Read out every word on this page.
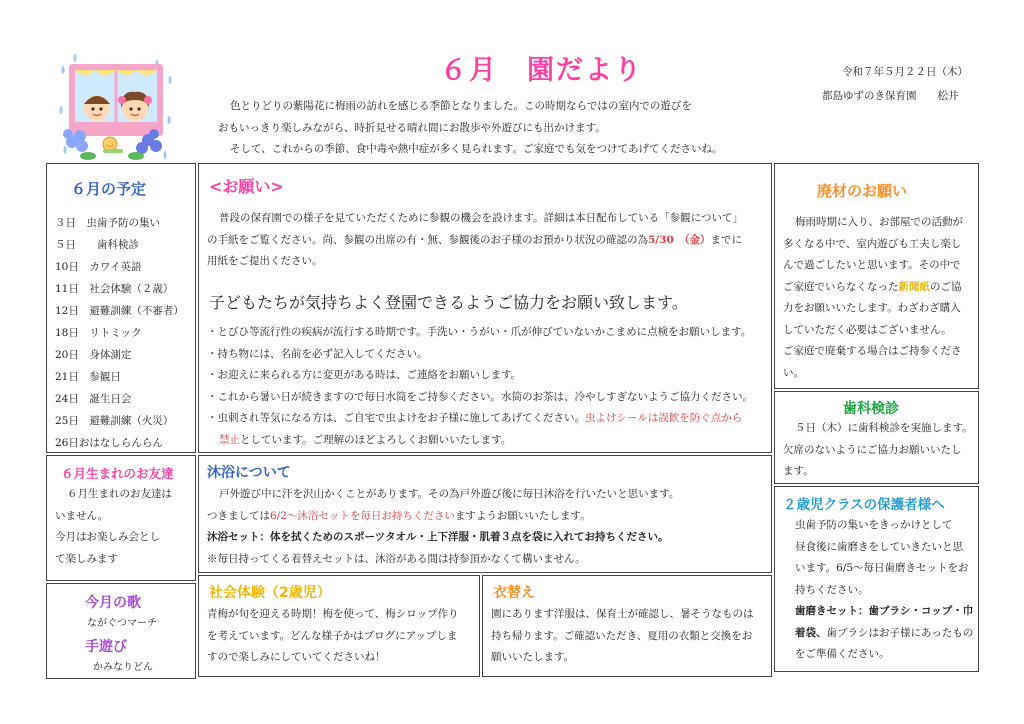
６月　園だより	令和７年５月２２日（木）
都島ゆずのき保育園　　松井
色とりどりの紫陽花に梅雨の訪れを感じる季節となりました。この時期ならではの室内での遊びを
おもいっきり楽しみながら、時折見せる晴れ間にお散歩や外遊びにも出かけます。
そして、これからの季節、食中毒や熱中症が多く見られます。ご家庭でも気をつけてあげてくださいね。
６月の予定
３日　虫歯予防の集い
５日　　歯科検診
10日　カワイ英語
11日　社会体験（２歳）
12日　避難訓練（不審者）
18日　リトミック
20日　身体測定
21日　参観日
24日　誕生日会
25日　避難訓練（火災）
26日おはなしらんらん
<お願い>
普段の保育園での様子を見ていただくために参観の機会を設けます。詳細は本日配布している「参観について」
の手紙をご覧ください。尚、参観の出席の有・無、参観後のお子様のお預かり状況の確認の為5/30　（金）までに
用紙をご提出ください。
子どもたちが気持ちよく登園できるようご協力をお願い致します。
・とびひ等流行性の疾病が流行する時期です。手洗い・うがい・爪が伸びていないかこまめに点検をお願いします。
・持ち物には、名前を必ず記入してください。
・お迎えに来られる方に変更がある時は、ご連絡をお願いします。
・これから暑い日が続きますので毎日水筒をご持参ください。水筒のお茶は、冷やしすぎないようご協力ください。
・虫刺され等気になる方は、ご自宅で虫よけをお子様に施してあげてください。虫よけシールは誤飲を防ぐ点から
禁止としています。ご理解のほどよろしくお願いいたします。
廃材のお願い
梅雨時期に入り、お部屋での活動が
多くなる中で、室内遊びも工夫し楽し
んで過ごしたいと思います。その中で
ご家庭でいらなくなった新聞紙のご協
力をお願いいたします。わざわざ購入
していただく必要はございません。
ご家庭で廃棄する場合はご持参くださ
い。
歯科検診
５日（木）に歯科検診を実施します。
欠席のないようにご協力お願いいたし
ます。
６月生まれのお友達
６月生まれのお友達は
いません。
今月はお楽しみ会とし
て楽しみます
沐浴について
戸外遊び中に汗を沢山かくことがあります。その為戸外遊び後に毎日沐浴を行いたいと思います。
つきましては6/2～沐浴セットを毎日お持ちくださいますようお願いいたします。
沐浴セット：体を拭くためのスポーツタオル・上下洋服・肌着３点を袋に入れてお持ちください。
※毎日持ってくる着替えセットは、沐浴がある間は持参頂かなくて構いません。
２歳児クラスの保護者様へ
虫歯予防の集いをきっかけとして
昼食後に歯磨きをしていきたいと思
います。6/5～毎日歯磨きセットをお
持ちください。
歯磨きセット：歯ブラシ・コップ・巾
着袋、歯ブラシはお子様にあったもの
をご準備ください。
今月の歌
ながぐつマーチ
手遊び
かみなりどん
社会体験（2歳児）
青梅が旬を迎える時期！梅を使って、梅シロップ作り
を考えています。どんな様子かはブログにアップしま
すので楽しみにしていてくださいね！
衣替え
園にあります洋服は、保育士が確認し、暑そうなものは
持ち帰ります。ご確認いただき、夏用の衣類と交換をお
願いいたします。
